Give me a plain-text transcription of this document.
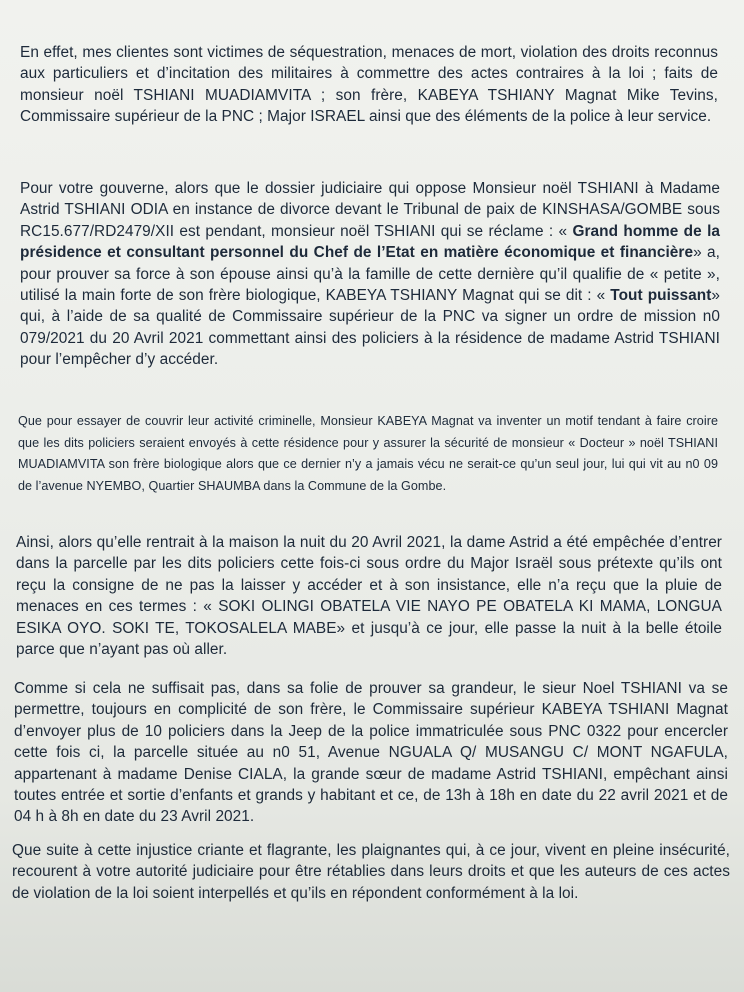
En effet, mes clientes sont victimes de séquestration, menaces de mort, violation des droits reconnus aux particuliers et d’incitation des militaires à commettre des actes contraires à la loi ; faits de monsieur noël TSHIANI MUADIAMVITA ; son frère, KABEYA TSHIANY Magnat Mike Tevins, Commissaire supérieur de la PNC ; Major ISRAEL ainsi que des éléments de la police à leur service.

Pour votre gouverne, alors que le dossier judiciaire qui oppose Monsieur noël TSHIANI à Madame Astrid TSHIANI ODIA en instance de divorce devant le Tribunal de paix de KINSHASA/GOMBE sous RC15.677/RD2479/XII est pendant, monsieur noël TSHIANI qui se réclame : « Grand homme de la présidence et consultant personnel du Chef de l’Etat en matière économique et financière» a, pour prouver sa force à son épouse ainsi qu’à la famille de cette dernière qu’il qualifie de « petite », utilisé la main forte de son frère biologique, KABEYA TSHIANY Magnat qui se dit : « Tout puissant» qui, à l’aide de sa qualité de Commissaire supérieur de la PNC va signer un ordre de mission n0 079/2021 du 20 Avril 2021 commettant ainsi des policiers à la résidence de madame Astrid TSHIANI pour l’empêcher d’y accéder.

Que pour essayer de couvrir leur activité criminelle, Monsieur KABEYA Magnat va inventer un motif tendant à faire croire que les dits policiers seraient envoyés à cette résidence pour y assurer la sécurité de monsieur « Docteur » noël TSHIANI MUADIAMVITA son frère biologique alors que ce dernier n’y a jamais vécu ne serait-ce qu’un seul jour, lui qui vit au n0 09 de l’avenue NYEMBO, Quartier SHAUMBA dans la Commune de la Gombe.

Ainsi, alors qu’elle rentrait à la maison la nuit du 20 Avril 2021, la dame Astrid a été empêchée d’entrer dans la parcelle par les dits policiers cette fois-ci sous ordre du Major Israël sous prétexte qu’ils ont reçu la consigne de ne pas la laisser y accéder et à son insistance, elle n’a reçu que la pluie de menaces en ces termes : « SOKI OLINGI OBATELA VIE NAYO PE OBATELA KI MAMA, LONGUA ESIKA OYO. SOKI TE, TOKOSALELA MABE» et jusqu’à ce jour, elle passe la nuit à la belle étoile parce que n’ayant pas où aller.

Comme si cela ne suffisait pas, dans sa folie de prouver sa grandeur, le sieur Noel TSHIANI va se permettre, toujours en complicité de son frère, le Commissaire supérieur KABEYA TSHIANI Magnat d’envoyer plus de 10 policiers dans la Jeep de la police immatriculée sous PNC 0322 pour encercler cette fois ci, la parcelle située au n0 51, Avenue NGUALA Q/ MUSANGU C/ MONT NGAFULA, appartenant à madame Denise CIALA, la grande sœur de madame Astrid TSHIANI, empêchant ainsi toutes entrée et sortie d’enfants et grands y habitant et ce, de 13h à 18h en date du 22 avril 2021 et de 04 h à 8h en date du 23 Avril 2021.

Que suite à cette injustice criante et flagrante, les plaignantes qui, à ce jour, vivent en pleine insécurité, recourent à votre autorité judiciaire pour être rétablies dans leurs droits et que les auteurs de ces actes de violation de la loi soient interpellés et qu’ils en répondent conformément à la loi.
